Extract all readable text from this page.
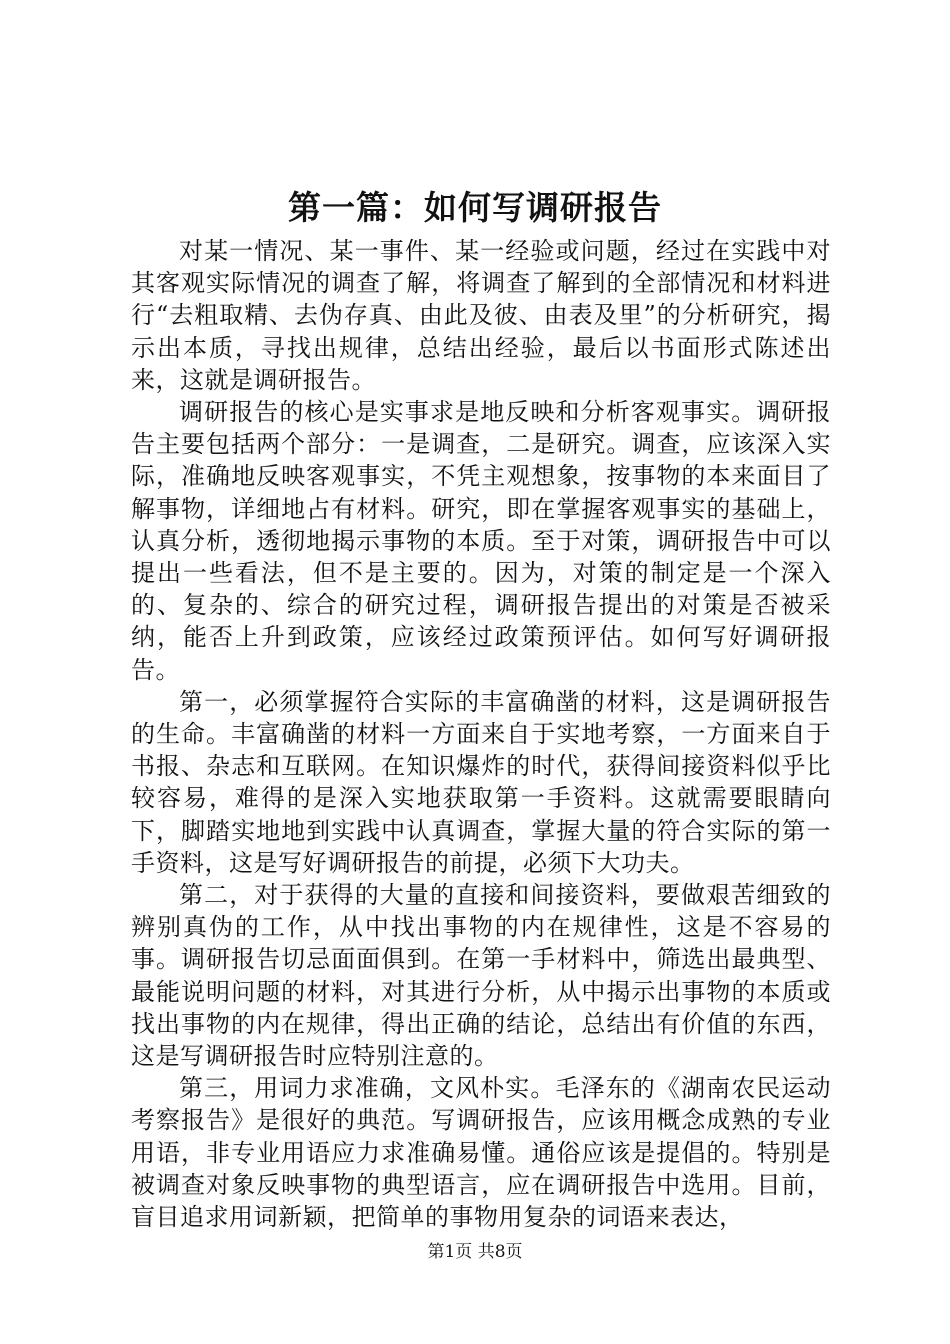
第一篇：如何写调研报告

对某一情况、某一事件、某一经验或问题，经过在实践中对其客观实际情况的调查了解，将调查了解到的全部情况和材料进行“去粗取精、去伪存真、由此及彼、由表及里”的分析研究，揭示出本质，寻找出规律，总结出经验，最后以书面形式陈述出来，这就是调研报告。

调研报告的核心是实事求是地反映和分析客观事实。调研报告主要包括两个部分：一是调查，二是研究。调查，应该深入实际，准确地反映客观事实，不凭主观想象，按事物的本来面目了解事物，详细地占有材料。研究，即在掌握客观事实的基础上，认真分析，透彻地揭示事物的本质。至于对策，调研报告中可以提出一些看法，但不是主要的。因为，对策的制定是一个深入的、复杂的、综合的研究过程，调研报告提出的对策是否被采纳，能否上升到政策，应该经过政策预评估。如何写好调研报告。

第一，必须掌握符合实际的丰富确凿的材料，这是调研报告的生命。丰富确凿的材料一方面来自于实地考察，一方面来自于书报、杂志和互联网。在知识爆炸的时代，获得间接资料似乎比较容易，难得的是深入实地获取第一手资料。这就需要眼睛向下，脚踏实地地到实践中认真调查，掌握大量的符合实际的第一手资料，这是写好调研报告的前提，必须下大功夫。

第二，对于获得的大量的直接和间接资料，要做艰苦细致的辨别真伪的工作，从中找出事物的内在规律性，这是不容易的事。调研报告切忌面面俱到。在第一手材料中，筛选出最典型、最能说明问题的材料，对其进行分析，从中揭示出事物的本质或找出事物的内在规律，得出正确的结论，总结出有价值的东西，这是写调研报告时应特别注意的。

第三，用词力求准确，文风朴实。毛泽东的《湖南农民运动考察报告》是很好的典范。写调研报告，应该用概念成熟的专业用语，非专业用语应力求准确易懂。通俗应该是提倡的。特别是被调查对象反映事物的典型语言，应在调研报告中选用。目前，盲目追求用词新颖，把简单的事物用复杂的词语来表达，

第1页 共8页
